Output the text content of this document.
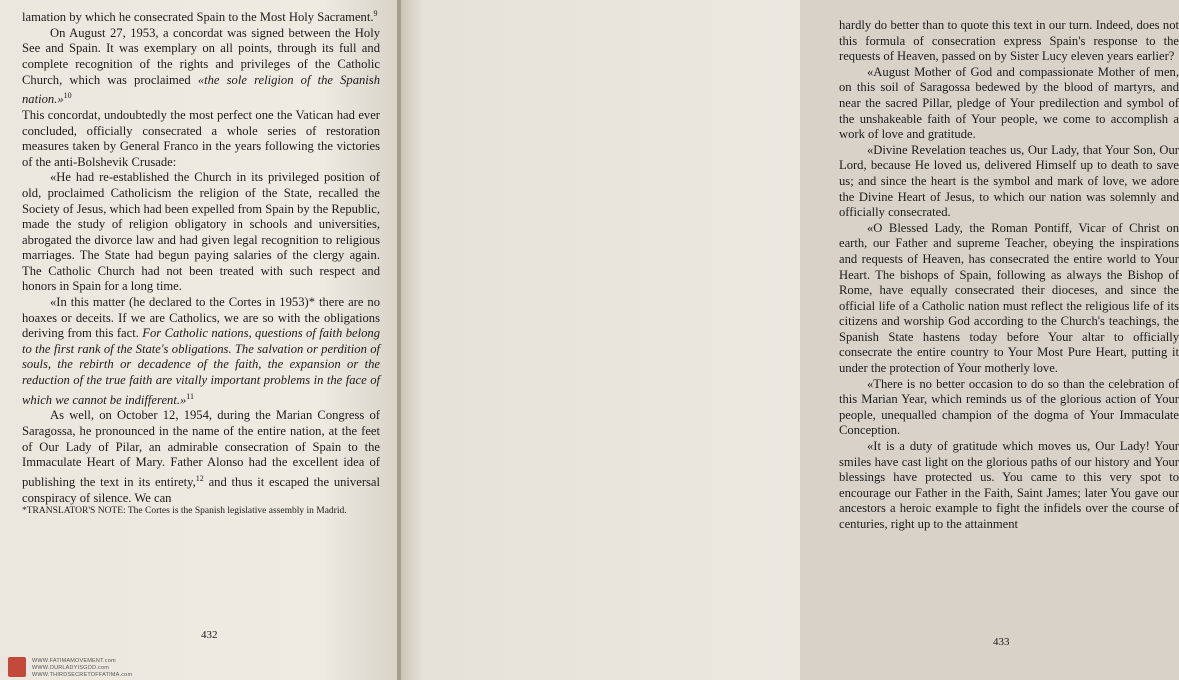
lamation by which he consecrated Spain to the Most Holy Sacrament.$^9$

On August 27, 1953, a concordat was signed between the Holy See and Spain. It was exemplary on all points, through its full and complete recognition of the rights and privileges of the Catholic Church, which was proclaimed «the sole religion of the Spanish nation.»$^{10}$

This concordat, undoubtedly the most perfect one the Vatican had ever concluded, officially consecrated a whole series of restoration measures taken by General Franco in the years following the victories of the anti-Bolshevik Crusade:

«He had re-established the Church in its privileged position of old, proclaimed Catholicism the religion of the State, recalled the Society of Jesus, which had been expelled from Spain by the Republic, made the study of religion obligatory in schools and universities, abrogated the divorce law and had given legal recognition to religious marriages. The State had begun paying salaries of the clergy again. The Catholic Church had not been treated with such respect and honors in Spain for a long time.

«In this matter (he declared to the Cortes in 1953)* there are no hoaxes or deceits. If we are Catholics, we are so with the obligations deriving from this fact. For Catholic nations, questions of faith belong to the first rank of the State's obligations. The salvation or perdition of souls, the rebirth or decadence of the faith, the expansion or the reduction of the true faith are vitally important problems in the face of which we cannot be indifferent.»$^{11}$

As well, on October 12, 1954, during the Marian Congress of Saragossa, he pronounced in the name of the entire nation, at the feet of Our Lady of Pilar, an admirable consecration of Spain to the Immaculate Heart of Mary. Father Alonso had the excellent idea of publishing the text in its entirety,$^{12}$ and thus it escaped the universal conspiracy of silence. We can

*TRANSLATOR'S NOTE: The Cortes is the Spanish legislative assembly in Madrid.

432

hardly do better than to quote this text in our turn. Indeed, does not this formula of consecration express Spain's response to the requests of Heaven, passed on by Sister Lucy eleven years earlier?

«August Mother of God and compassionate Mother of men, on this soil of Saragossa bedewed by the blood of martyrs, and near the sacred Pillar, pledge of Your predilection and symbol of the unshakeable faith of Your people, we come to accomplish a work of love and gratitude.

«Divine Revelation teaches us, Our Lady, that Your Son, Our Lord, because He loved us, delivered Himself up to death to save us; and since the heart is the symbol and mark of love, we adore the Divine Heart of Jesus, to which our nation was solemnly and officially consecrated.

«O Blessed Lady, the Roman Pontiff, Vicar of Christ on earth, our Father and supreme Teacher, obeying the inspirations and requests of Heaven, has consecrated the entire world to Your Heart. The bishops of Spain, following as always the Bishop of Rome, have equally consecrated their dioceses, and since the official life of a Catholic nation must reflect the religious life of its citizens and worship God according to the Church's teachings, the Spanish State hastens today before Your altar to officially consecrate the entire country to Your Most Pure Heart, putting it under the protection of Your motherly love.

«There is no better occasion to do so than the celebration of this Marian Year, which reminds us of the glorious action of Your people, unequalled champion of the dogma of Your Immaculate Conception.

«It is a duty of gratitude which moves us, Our Lady! Your smiles have cast light on the glorious paths of our history and Your blessings have protected us. You came to this very spot to encourage our Father in the Faith, Saint James; later You gave our ancestors a heroic example to fight the infidels over the course of centuries, right up to the attainment

433
WWW.FATIMAMOVEMENT.com
WWW.OURLADYISGOD.com
WWW.THIRDSECRETOFFATIMA.com
